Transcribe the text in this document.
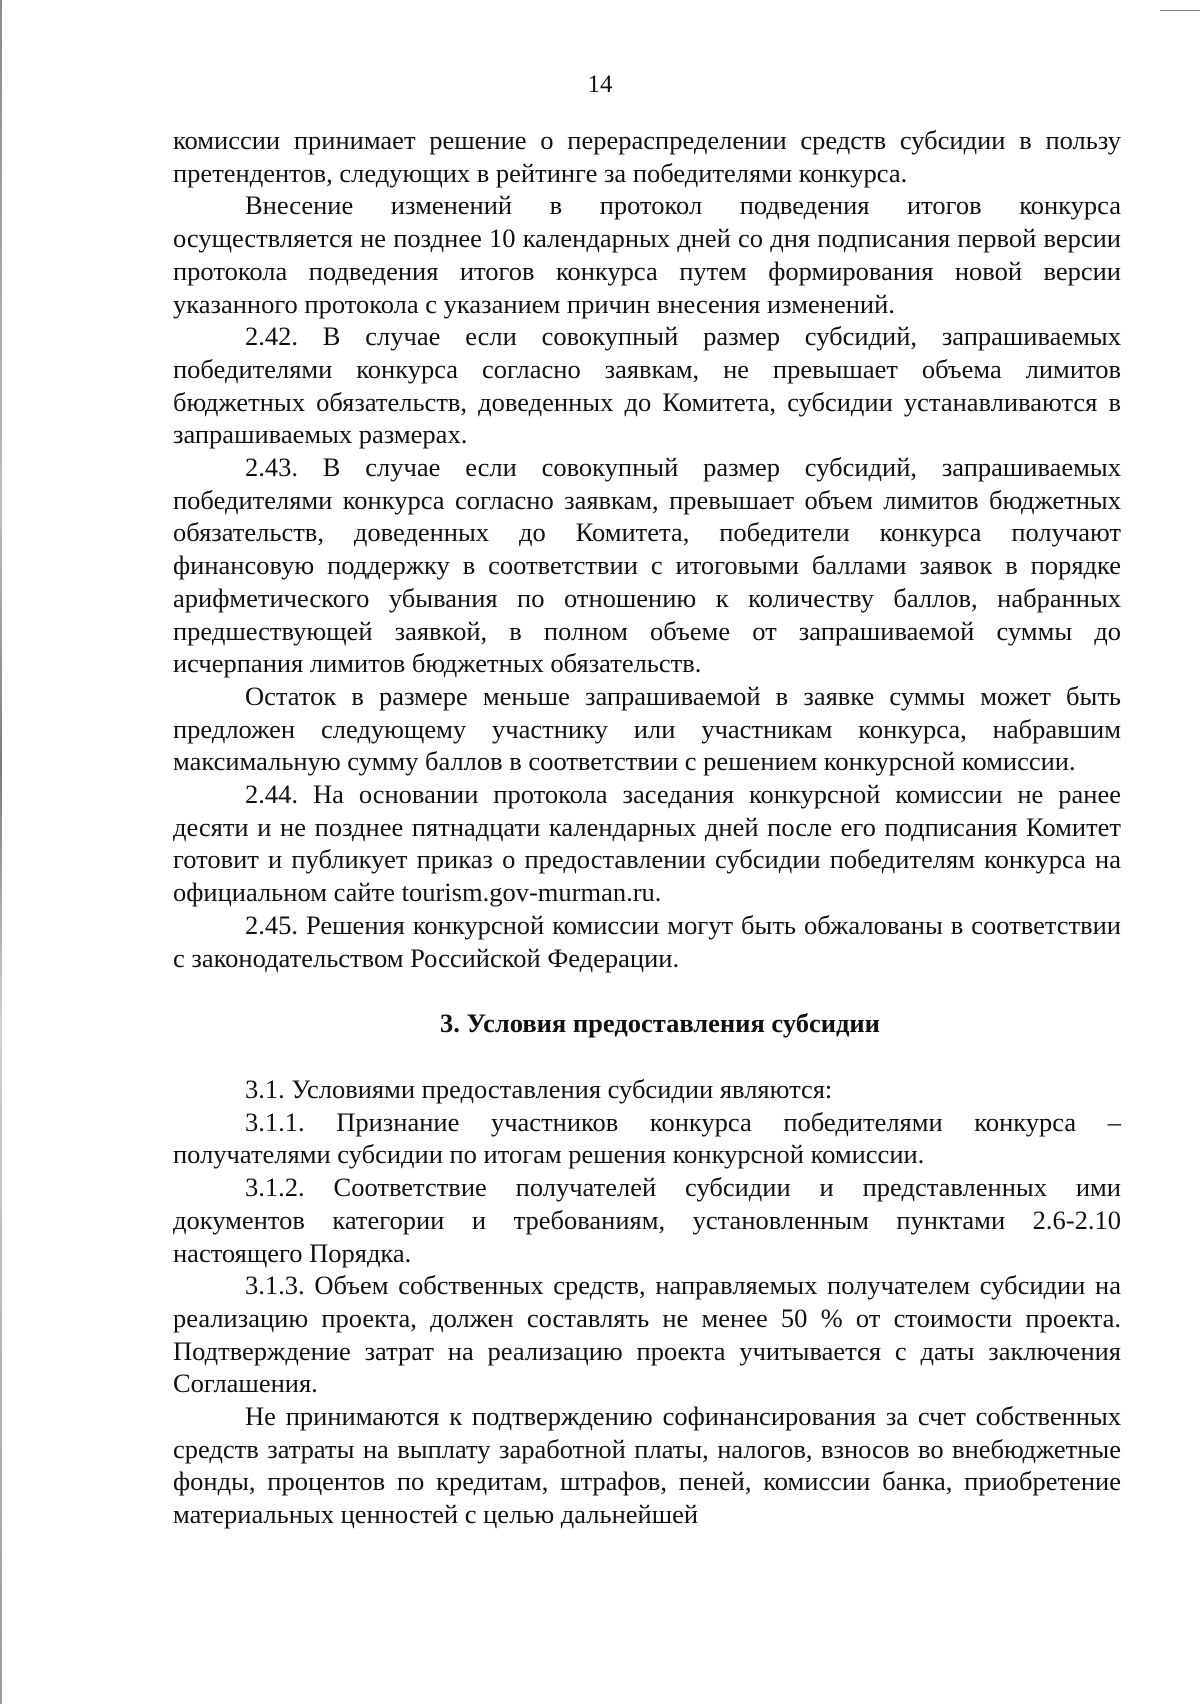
14

комиссии принимает решение о перераспределении средств субсидии в пользу претендентов, следующих в рейтинге за победителями конкурса.

Внесение изменений в протокол подведения итогов конкурса осуществляется не позднее 10 календарных дней со дня подписания первой версии протокола подведения итогов конкурса путем формирования новой версии указанного протокола с указанием причин внесения изменений.

2.42. В случае если совокупный размер субсидий, запрашиваемых победителями конкурса согласно заявкам, не превышает объема лимитов бюджетных обязательств, доведенных до Комитета, субсидии устанавливаются в запрашиваемых размерах.

2.43. В случае если совокупный размер субсидий, запрашиваемых победителями конкурса согласно заявкам, превышает объем лимитов бюджетных обязательств, доведенных до Комитета, победители конкурса получают финансовую поддержку в соответствии с итоговыми баллами заявок в порядке арифметического убывания по отношению к количеству баллов, набранных предшествующей заявкой, в полном объеме от запрашиваемой суммы до исчерпания лимитов бюджетных обязательств.

Остаток в размере меньше запрашиваемой в заявке суммы может быть предложен следующему участнику или участникам конкурса, набравшим максимальную сумму баллов в соответствии с решением конкурсной комиссии.

2.44. На основании протокола заседания конкурсной комиссии не ранее десяти и не позднее пятнадцати календарных дней после его подписания Комитет готовит и публикует приказ о предоставлении субсидии победителям конкурса на официальном сайте tourism.gov-murman.ru.

2.45. Решения конкурсной комиссии могут быть обжалованы в соответствии с законодательством Российской Федерации.

3. Условия предоставления субсидии

3.1. Условиями предоставления субсидии являются:

3.1.1. Признание участников конкурса победителями конкурса – получателями субсидии по итогам решения конкурсной комиссии.

3.1.2. Соответствие получателей субсидии и представленных ими документов категории и требованиям, установленным пунктами 2.6-2.10 настоящего Порядка.

3.1.3. Объем собственных средств, направляемых получателем субсидии на реализацию проекта, должен составлять не менее 50 % от стоимости проекта. Подтверждение затрат на реализацию проекта учитывается с даты заключения Соглашения.

Не принимаются к подтверждению софинансирования за счет собственных средств затраты на выплату заработной платы, налогов, взносов во внебюджетные фонды, процентов по кредитам, штрафов, пеней, комиссии банка, приобретение материальных ценностей с целью дальнейшей
